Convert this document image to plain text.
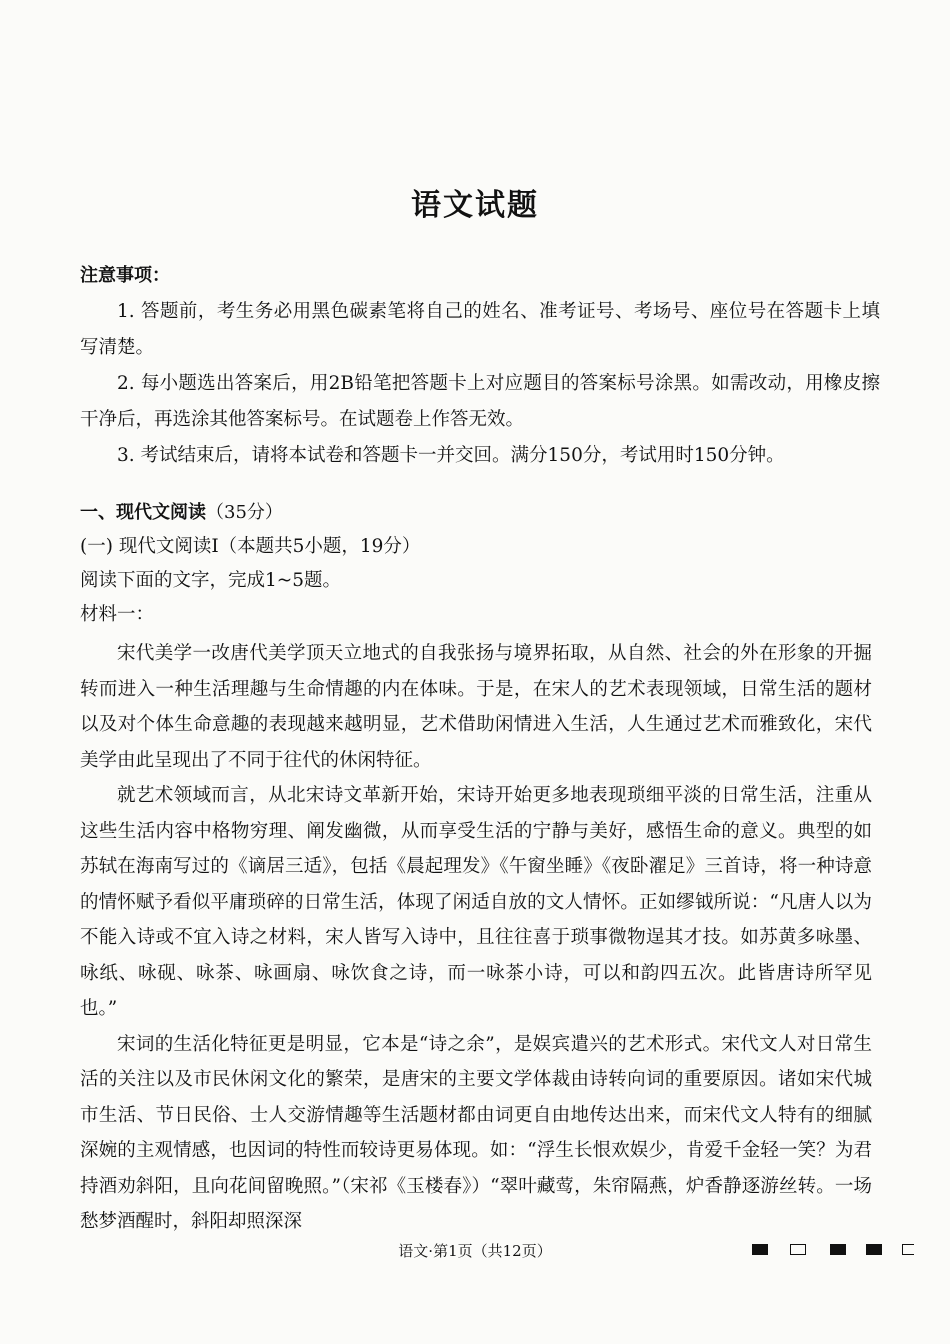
语文试题
注意事项：

1. 答题前，考生务必用黑色碳素笔将自己的姓名、准考证号、考场号、座位号在答题卡上填写清楚。

2. 每小题选出答案后，用2B铅笔把答题卡上对应题目的答案标号涂黑。如需改动，用橡皮擦干净后，再选涂其他答案标号。在试题卷上作答无效。

3. 考试结束后，请将本试卷和答题卡一并交回。满分150分，考试用时150分钟。

一、现代文阅读（35分）
(一) 现代文阅读Ⅰ（本题共5小题，19分）
阅读下面的文字，完成1~5题。
材料一：

宋代美学一改唐代美学顶天立地式的自我张扬与境界拓取，从自然、社会的外在形象的开掘转而进入一种生活理趣与生命情趣的内在体味。于是，在宋人的艺术表现领域，日常生活的题材以及对个体生命意趣的表现越来越明显，艺术借助闲情进入生活，人生通过艺术而雅致化，宋代美学由此呈现出了不同于往代的休闲特征。

就艺术领域而言，从北宋诗文革新开始，宋诗开始更多地表现琐细平淡的日常生活，注重从这些生活内容中格物穷理、阐发幽微，从而享受生活的宁静与美好，感悟生命的意义。典型的如苏轼在海南写过的《谪居三适》，包括《晨起理发》《午窗坐睡》《夜卧濯足》三首诗，将一种诗意的情怀赋予看似平庸琐碎的日常生活，体现了闲适自放的文人情怀。正如缪钺所说：“凡唐人以为不能入诗或不宜入诗之材料，宋人皆写入诗中，且往往喜于琐事微物逞其才技。如苏黄多咏墨、咏纸、咏砚、咏茶、咏画扇、咏饮食之诗，而一咏茶小诗，可以和韵四五次。此皆唐诗所罕见也。”

宋词的生活化特征更是明显，它本是“诗之余”，是娱宾遣兴的艺术形式。宋代文人对日常生活的关注以及市民休闲文化的繁荣，是唐宋的主要文学体裁由诗转向词的重要原因。诸如宋代城市生活、节日民俗、士人交游情趣等生活题材都由词更自由地传达出来，而宋代文人特有的细腻深婉的主观情感，也因词的特性而较诗更易体现。如：“浮生长恨欢娱少，肯爱千金轻一笑？为君持酒劝斜阳，且向花间留晚照。”（宋祁《玉楼春》）“翠叶藏莺，朱帘隔燕，炉香静逐游丝转。一场愁梦酒醒时，斜阳却照深深

语文·第1页（共12页）
